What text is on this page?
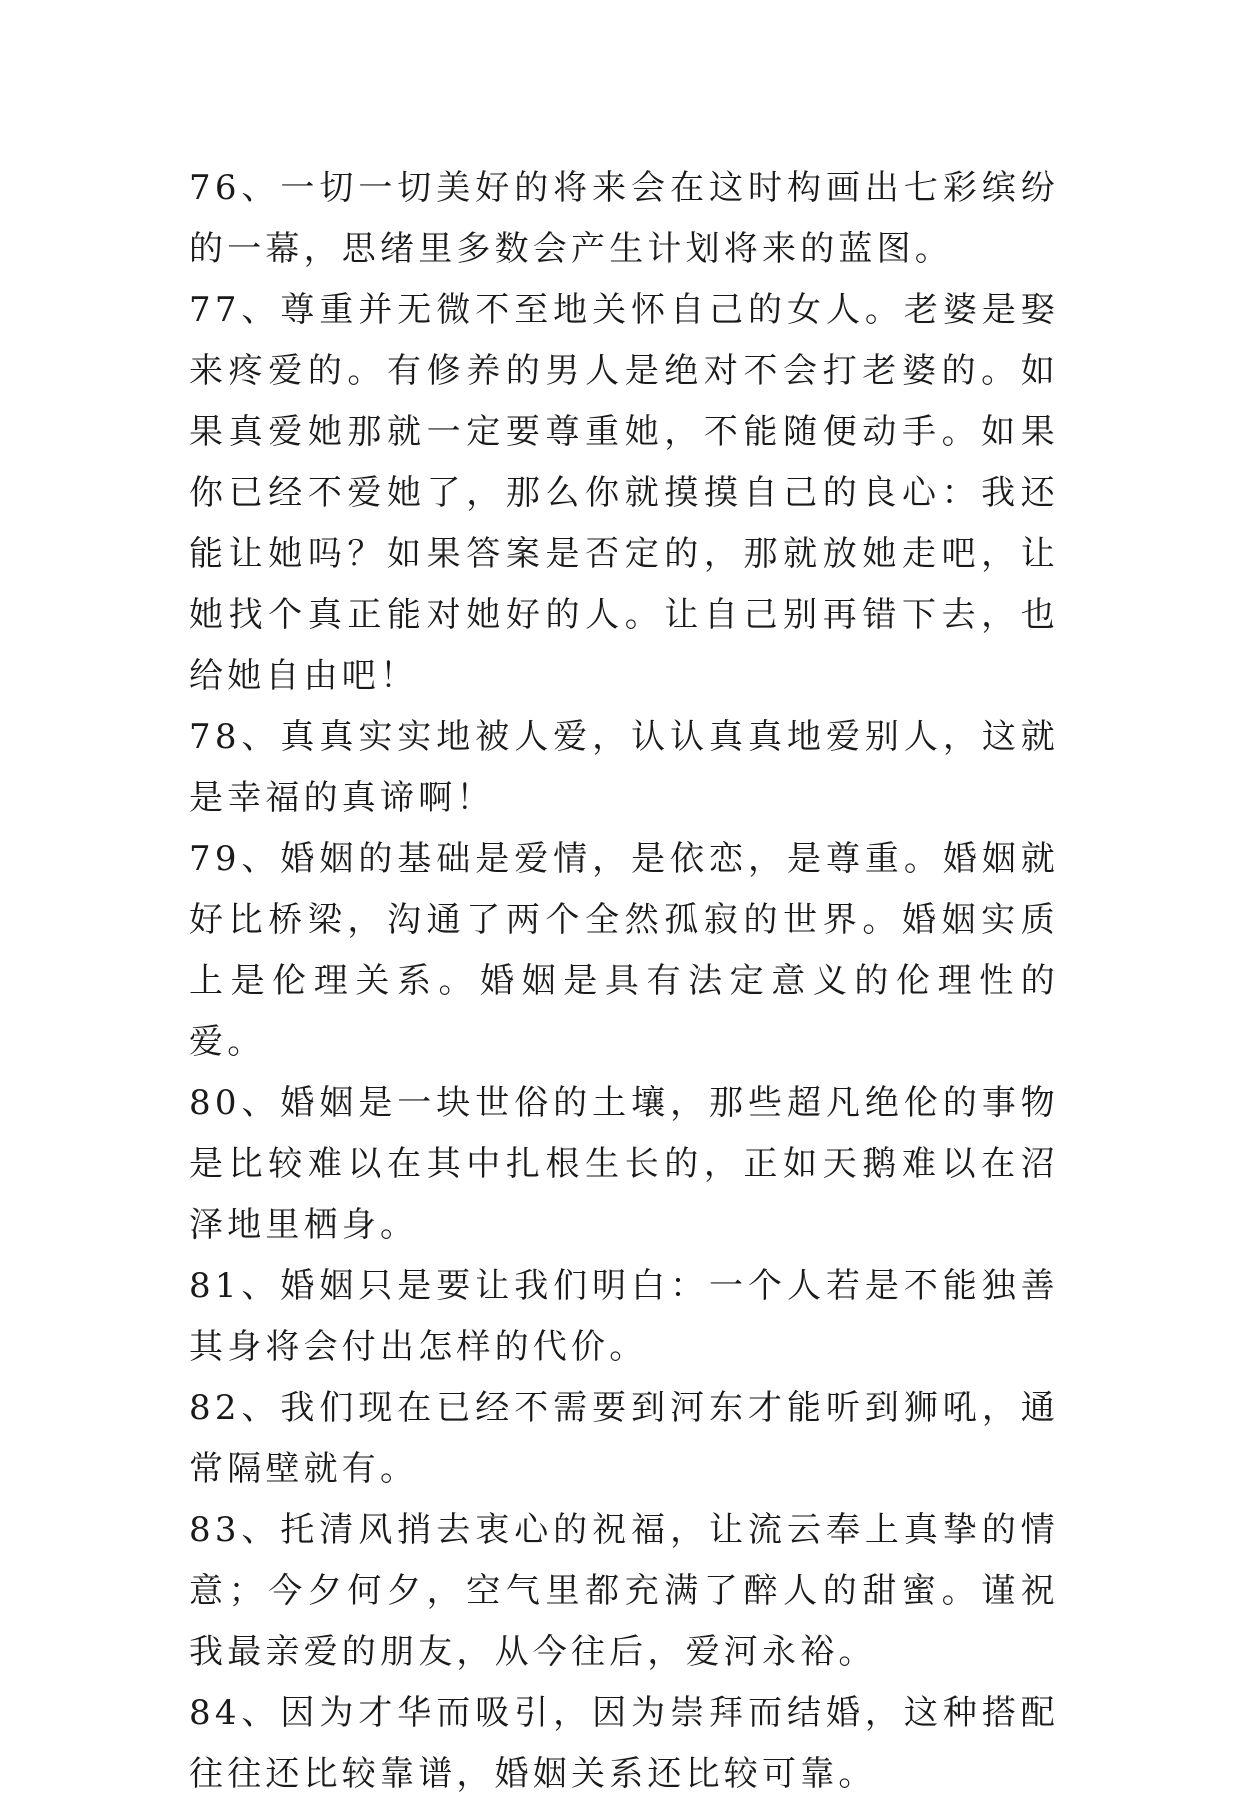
76、一切一切美好的将来会在这时构画出七彩缤纷的一幕，思绪里多数会产生计划将来的蓝图。

77、尊重并无微不至地关怀自己的女人。老婆是娶来疼爱的。有修养的男人是绝对不会打老婆的。如果真爱她那就一定要尊重她，不能随便动手。如果你已经不爱她了，那么你就摸摸自己的良心：我还能让她吗？如果答案是否定的，那就放她走吧，让她找个真正能对她好的人。让自己别再错下去，也给她自由吧！

78、真真实实地被人爱，认认真真地爱别人，这就是幸福的真谛啊！

79、婚姻的基础是爱情，是依恋，是尊重。婚姻就好比桥梁，沟通了两个全然孤寂的世界。婚姻实质上是伦理关系。婚姻是具有法定意义的伦理性的爱。

80、婚姻是一块世俗的土壤，那些超凡绝伦的事物是比较难以在其中扎根生长的，正如天鹅难以在沼泽地里栖身。

81、婚姻只是要让我们明白：一个人若是不能独善其身将会付出怎样的代价。

82、我们现在已经不需要到河东才能听到狮吼，通常隔壁就有。

83、托清风捎去衷心的祝福，让流云奉上真挚的情意；今夕何夕，空气里都充满了醉人的甜蜜。谨祝我最亲爱的朋友，从今往后，爱河永裕。

84、因为才华而吸引，因为崇拜而结婚，这种搭配往往还比较靠谱，婚姻关系还比较可靠。
